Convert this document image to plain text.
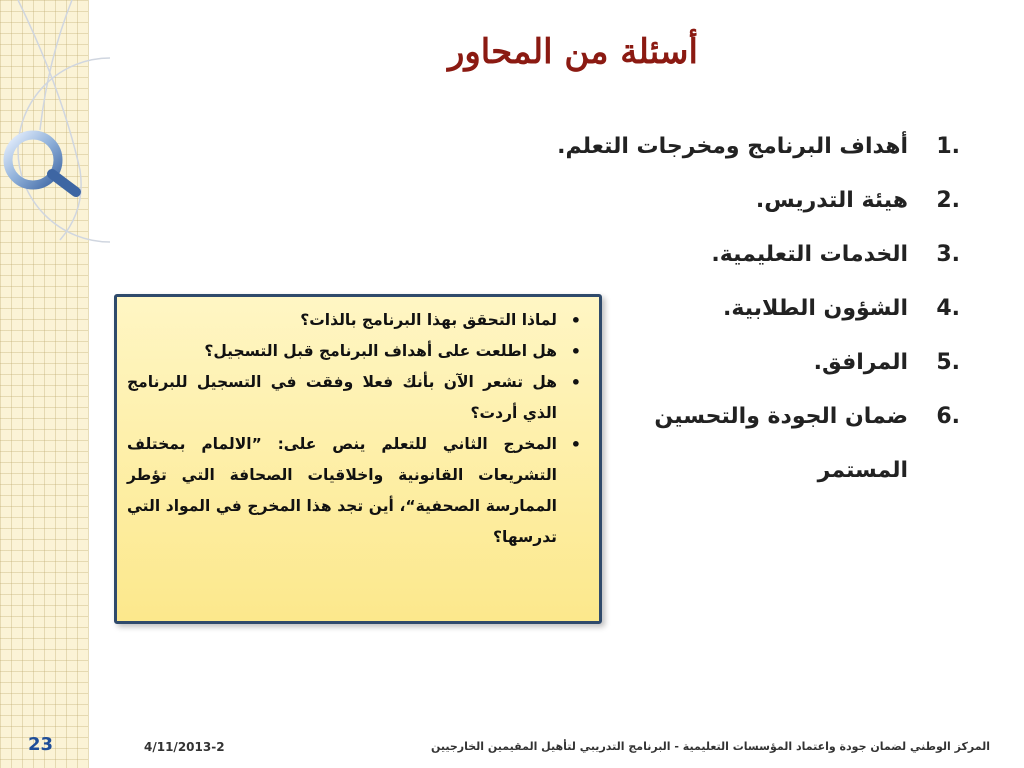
أسئلة من المحاور
1.
أهداف البرنامج ومخرجات التعلم.
2.
هيئة التدريس.
3.
الخدمات التعليمية.
4.
الشؤون الطلابية.
5.
المرافق.
6.
ضمان الجودة والتحسين المستمر
• لماذا التحقق بهذا البرنامج بالذات؟
• هل اطلعت على أهداف البرنامج قبل التسجيل؟
• هل تشعر الآن بأنك فعلا وفقت في التسجيل للبرنامج الذي أردت؟
• المخرج الثاني للتعلم ينص على: ”الالمام بمختلف التشريعات القانونية واخلاقيات الصحافة التي تؤطر الممارسة الصحفية“، أين تجد هذا المخرج في المواد التي تدرسها؟
المركز الوطني لضمان جودة واعتماد المؤسسات التعليمية - البرنامج التدريبي لتأهيل المقيمين الخارجيين
4/11/2013-2
23
